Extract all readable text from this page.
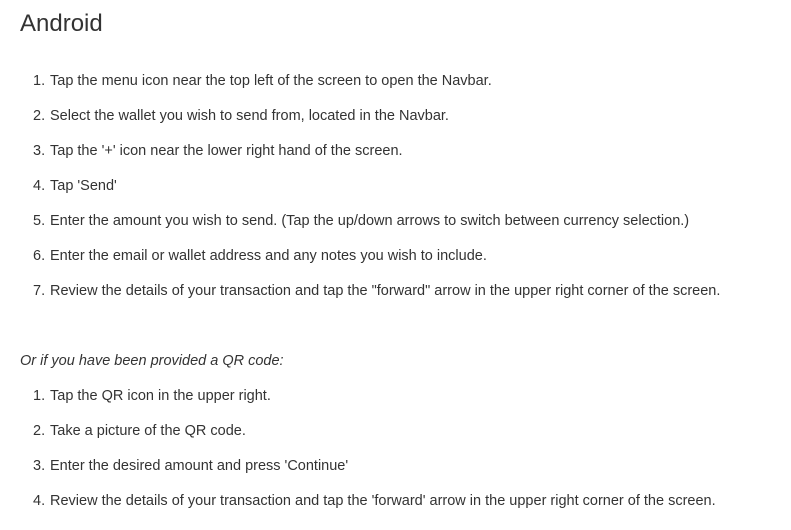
Android
1. Tap the menu icon near the top left of the screen to open the Navbar.
2. Select the wallet you wish to send from, located in the Navbar.
3. Tap the '+' icon near the lower right hand of the screen.
4. Tap 'Send'
5. Enter the amount you wish to send. (Tap the up/down arrows to switch between currency selection.)
6. Enter the email or wallet address and any notes you wish to include.
7. Review the details of your transaction and tap the "forward" arrow in the upper right corner of the screen.

Or if you have been provided a QR code:

1. Tap the QR icon in the upper right.
2. Take a picture of the QR code.
3. Enter the desired amount and press 'Continue'
4. Review the details of your transaction and tap the 'forward' arrow in the upper right corner of the screen.
